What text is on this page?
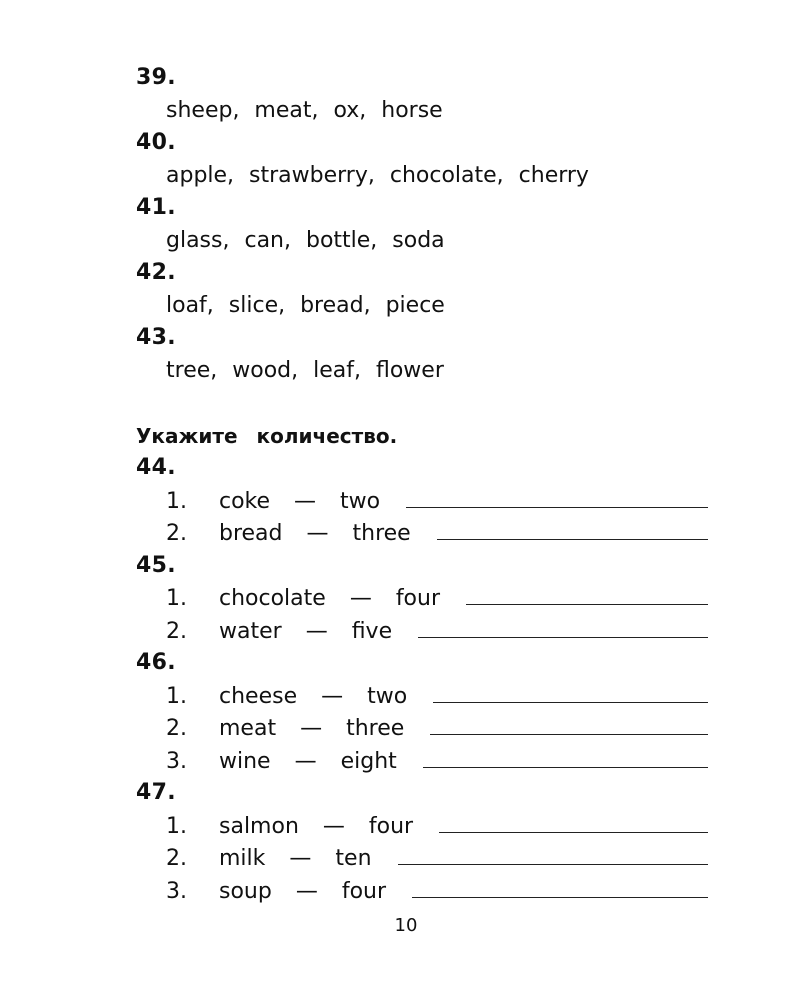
39.
sheep, meat, ox, horse
40.
apple, strawberry, chocolate, cherry
41.
glass, can, bottle, soda
42.
loaf, slice, bread, piece
43.
tree, wood, leaf, flower
Укажите количество.
44.
1.	coke — two
2.	bread — three
45.
1.	chocolate — four
2.	water — five
46.
1.	cheese — two
2.	meat — three
3.	wine — eight
47.
1.	salmon — four
2.	milk — ten
3.	soup — four
10
